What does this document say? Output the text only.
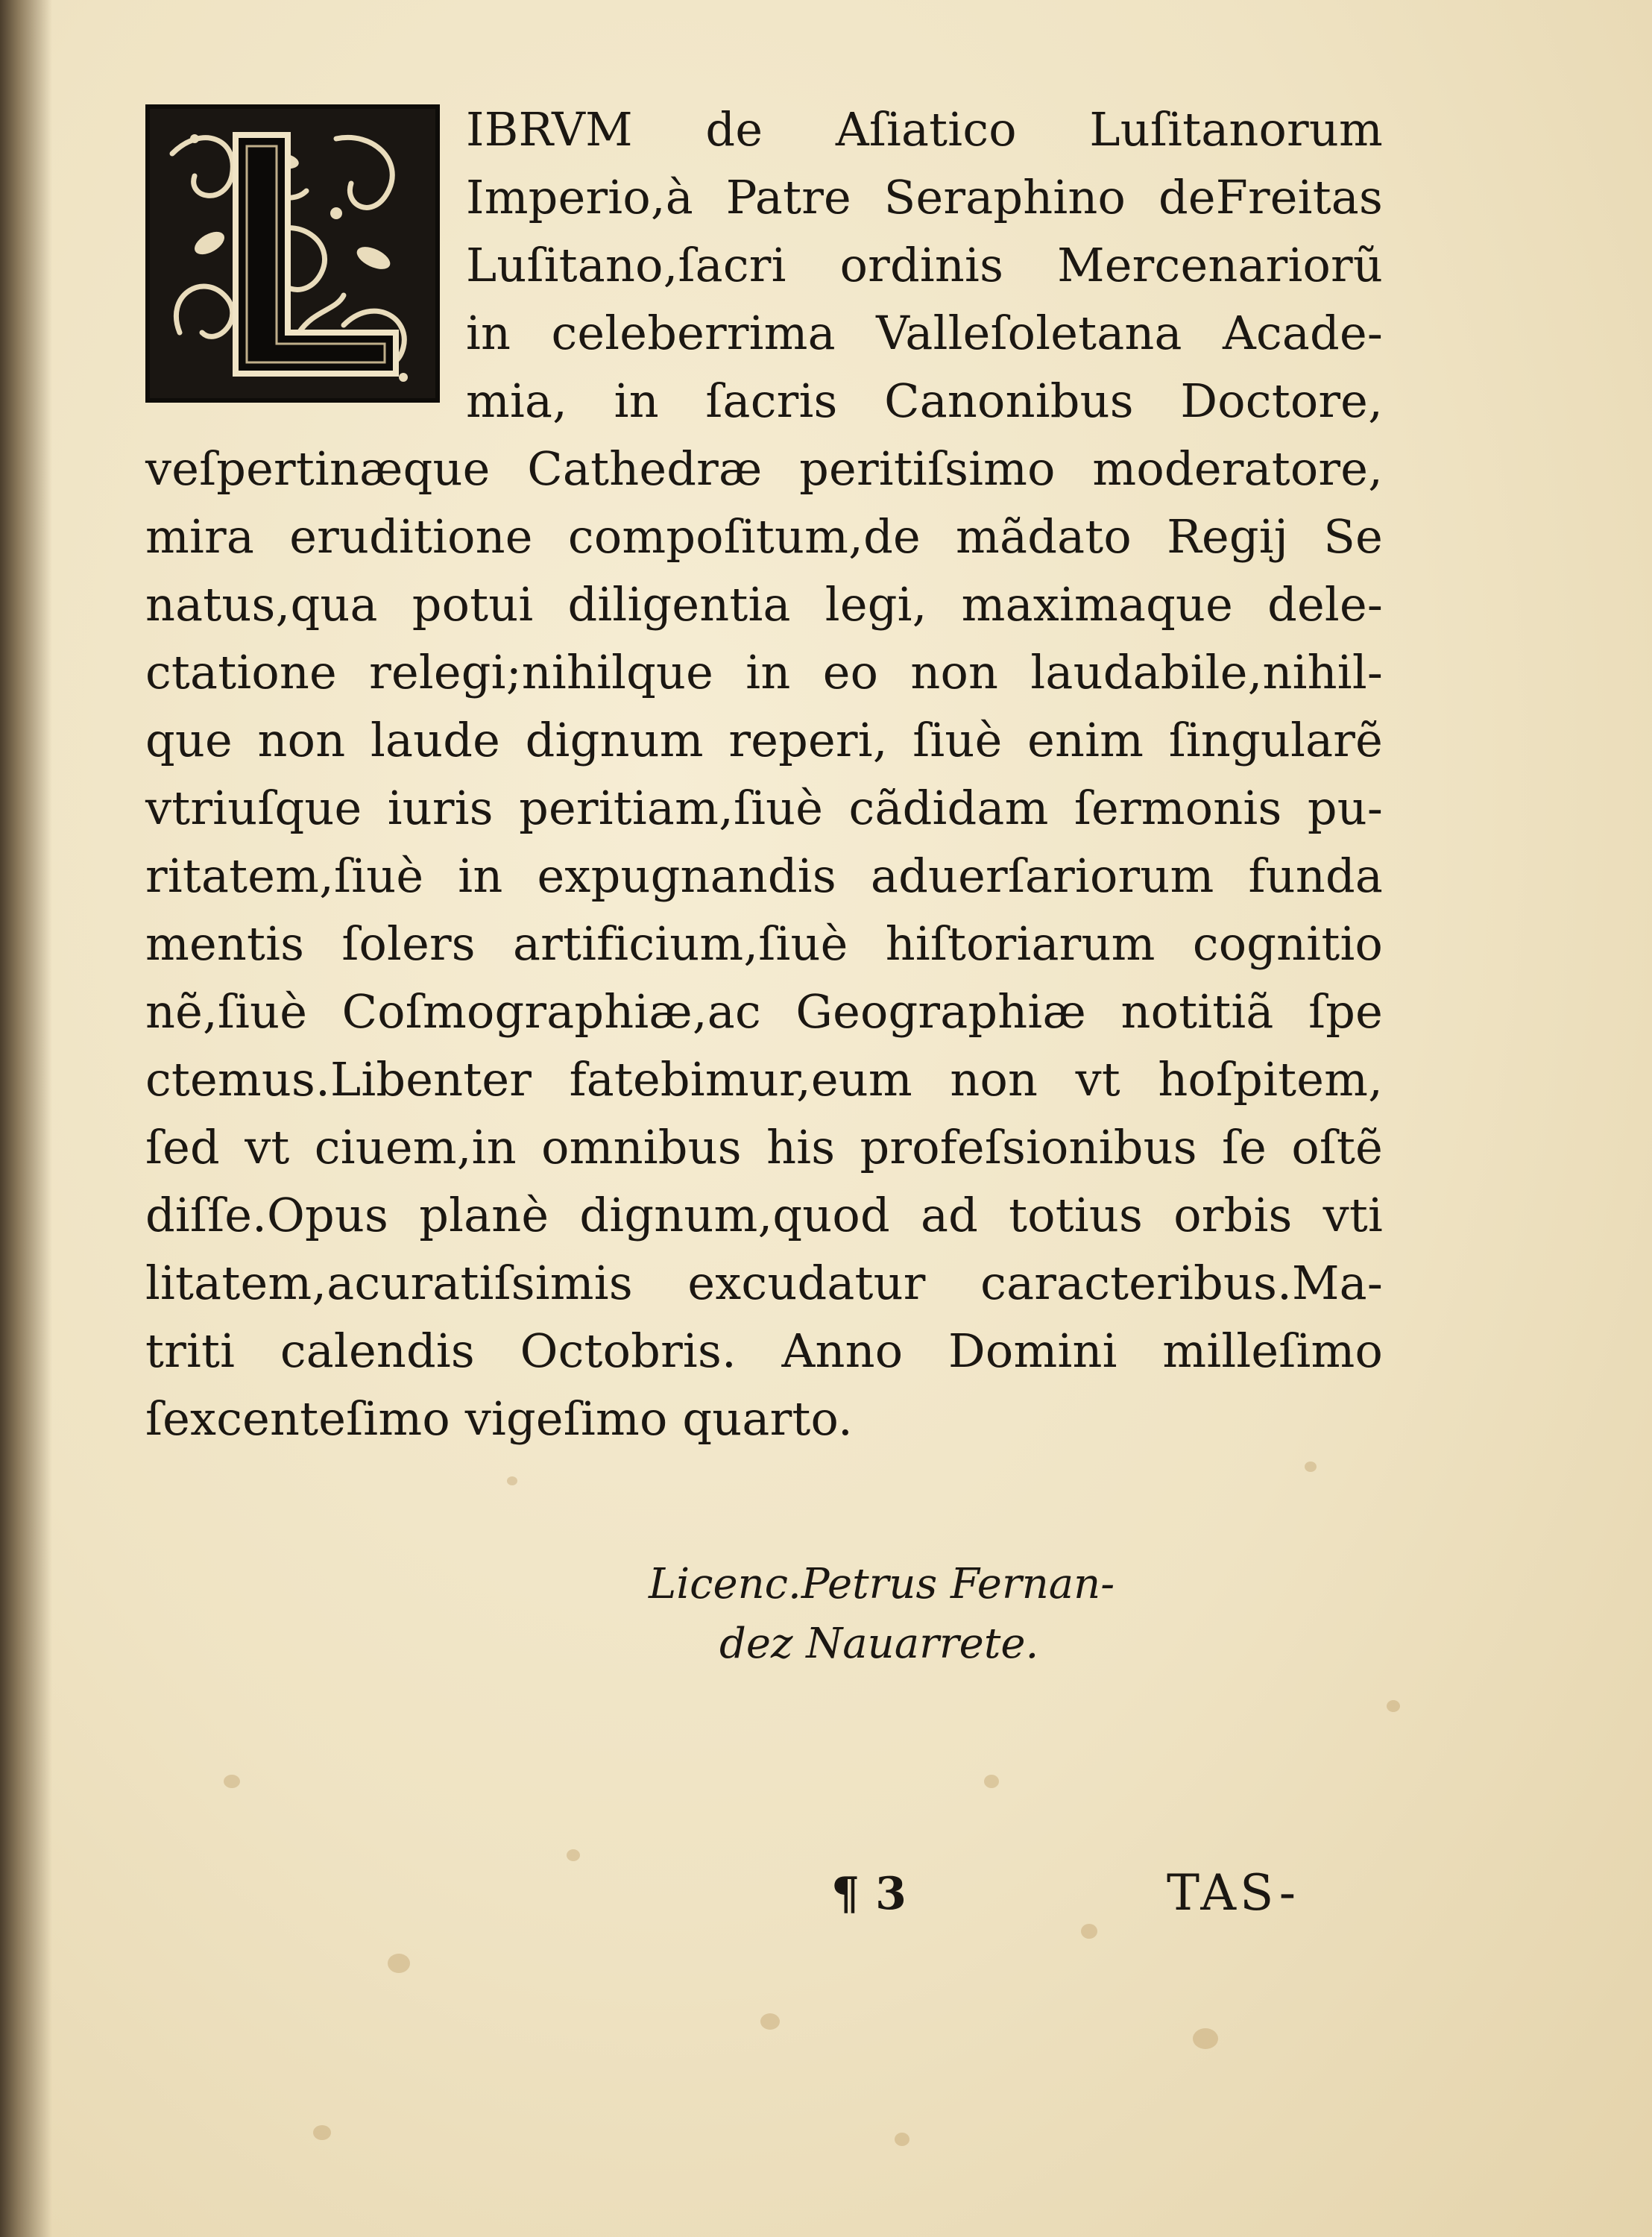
IBRVM de Aſiatico Luſitanorum
Imperio,à Patre Seraphino deFreitas
Luſitano,ſacri ordinis Mercenariorũ
in celeberrima Valleſoletana Acade-
mia, in ſacris Canonibus Doctore,
veſpertinæque Cathedræ peritiſsimo moderatore,
mira eruditione compoſitum,de mãdato Regij Se
natus,qua potui diligentia legi, maximaque dele-
ctatione relegi;nihilque in eo non laudabile,nihil-
que non laude dignum reperi, ſiuè enim ſingularẽ
vtriuſque iuris peritiam,ſiuè cãdidam ſermonis pu-
ritatem,ſiuè in expugnandis aduerſariorum funda
mentis ſolers artificium,ſiuè hiſtoriarum cognitio
nẽ,ſiuè Coſmographiæ,ac Geographiæ notitiã ſpe
ctemus.Libenter fatebimur,eum non vt hoſpitem,
ſed vt ciuem,in omnibus his profeſsionibus ſe oſtẽ
diſſe.Opus planè dignum,quod ad totius orbis vti
litatem,acuratiſsimis excudatur caracteribus.Ma-
triti calendis Octobris. Anno Domini milleſimo
ſexcenteſimo vigeſimo quarto.
Licenc.Petrus Fernan-
dez Nauarrete.
¶ 3	TAS-
